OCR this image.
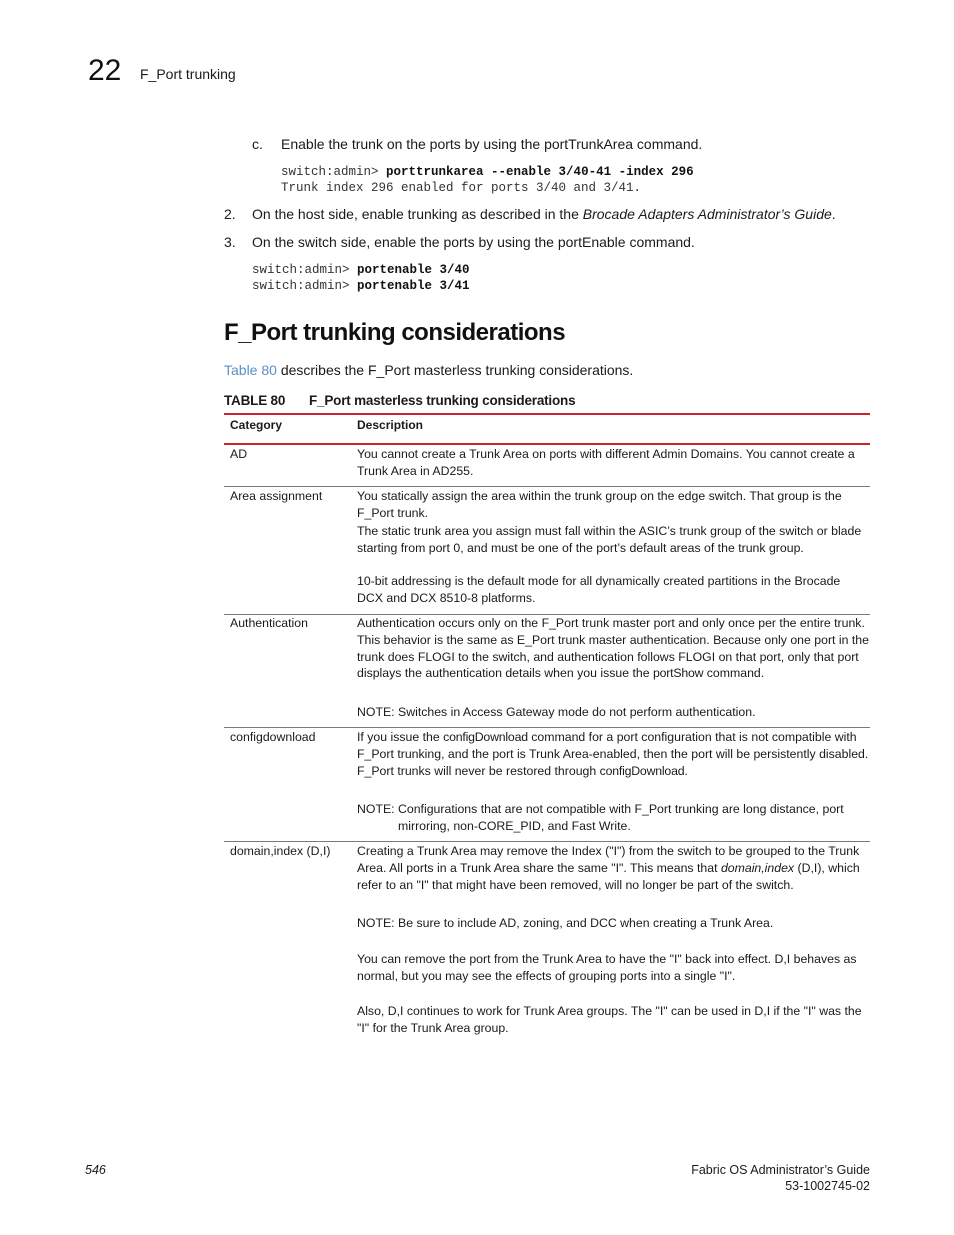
22 F_Port trunking
c. Enable the trunk on the ports by using the portTrunkArea command.
switch:admin> porttrunkarea --enable 3/40-41 -index 296
Trunk index 296 enabled for ports 3/40 and 3/41.
2. On the host side, enable trunking as described in the Brocade Adapters Administrator’s Guide.
3. On the switch side, enable the ports by using the portEnable command.
switch:admin> portenable 3/40
switch:admin> portenable 3/41
F_Port trunking considerations
Table 80 describes the F_Port masterless trunking considerations.
TABLE 80 F_Port masterless trunking considerations
Category	Description
AD	You cannot create a Trunk Area on ports with different Admin Domains. You cannot create a Trunk Area in AD255.
Area assignment	You statically assign the area within the trunk group on the edge switch. That group is the F_Port trunk.
The static trunk area you assign must fall within the ASIC’s trunk group of the switch or blade starting from port 0, and must be one of the port’s default areas of the trunk group.
10-bit addressing is the default mode for all dynamically created partitions in the Brocade DCX and DCX 8510-8 platforms.
Authentication	Authentication occurs only on the F_Port trunk master port and only once per the entire trunk. This behavior is the same as E_Port trunk master authentication. Because only one port in the trunk does FLOGI to the switch, and authentication follows FLOGI on that port, only that port displays the authentication details when you issue the portShow command.
NOTE: Switches in Access Gateway mode do not perform authentication.
configdownload	If you issue the configDownload command for a port configuration that is not compatible with F_Port trunking, and the port is Trunk Area-enabled, then the port will be persistently disabled. F_Port trunks will never be restored through configDownload.
NOTE: Configurations that are not compatible with F_Port trunking are long distance, port mirroring, non-CORE_PID, and Fast Write.
domain,index (D,I)	Creating a Trunk Area may remove the Index ("I") from the switch to be grouped to the Trunk Area. All ports in a Trunk Area share the same "I". This means that domain,index (D,I), which refer to an "I" that might have been removed, will no longer be part of the switch.
NOTE: Be sure to include AD, zoning, and DCC when creating a Trunk Area.
You can remove the port from the Trunk Area to have the "I" back into effect. D,I behaves as normal, but you may see the effects of grouping ports into a single "I".
Also, D,I continues to work for Trunk Area groups. The "I" can be used in D,I if the "I" was the "I" for the Trunk Area group.
546	Fabric OS Administrator’s Guide
53-1002745-02
